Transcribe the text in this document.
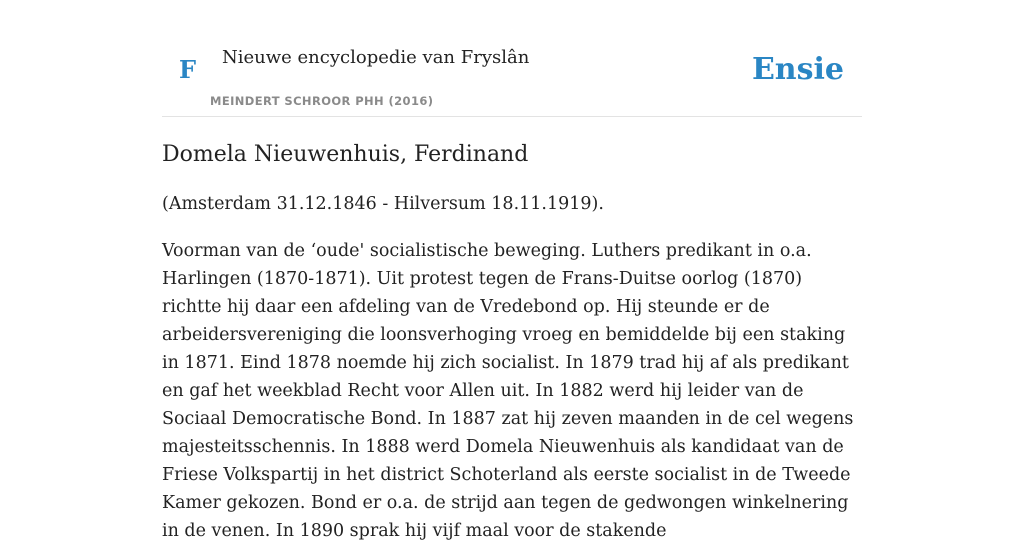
F Nieuwe encyclopedie van Fryslân
MEINDERT SCHROOR PHH (2016)
Ensie
Domela Nieuwenhuis, Ferdinand

(Amsterdam 31.12.1846 - Hilversum 18.11.1919).

Voorman van de ‘oude' socialistische beweging. Luthers predikant in o.a. Harlingen (1870-1871). Uit protest tegen de Frans-Duitse oorlog (1870) richtte hij daar een afdeling van de Vredebond op. Hij steunde er de arbeidersvereniging die loonsverhoging vroeg en bemiddelde bij een staking in 1871. Eind 1878 noemde hij zich socialist. In 1879 trad hij af als predikant en gaf het weekblad Recht voor Allen uit. In 1882 werd hij leider van de Sociaal Democratische Bond. In 1887 zat hij zeven maanden in de cel wegens majesteitsschennis. In 1888 werd Domela Nieuwenhuis als kandidaat van de Friese Volkspartij in het district Schoterland als eerste socialist in de Tweede Kamer gekozen. Bond er o.a. de strijd aan tegen de gedwongen winkelnering in de venen. In 1890 sprak hij vijf maal voor de stakende
